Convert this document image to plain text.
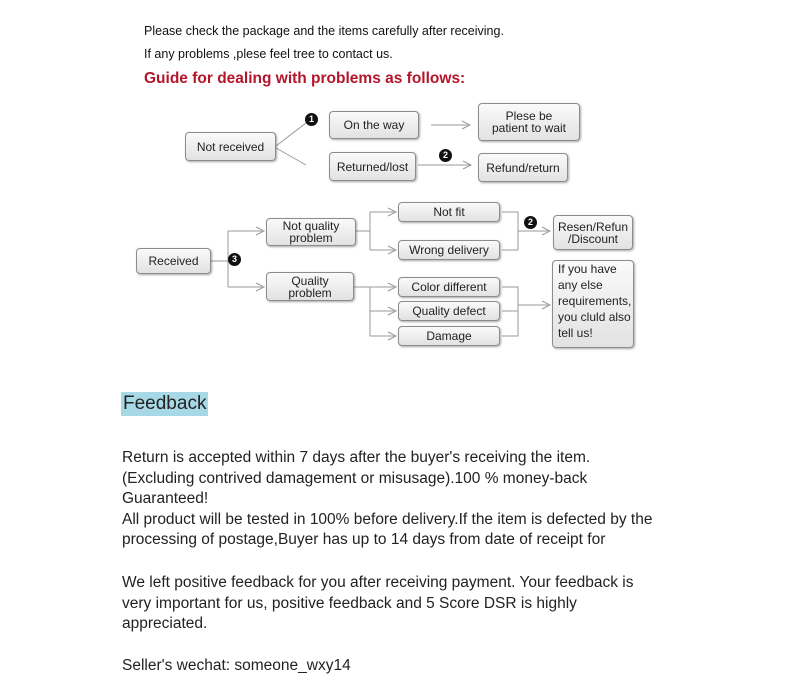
Please check the package and the items carefully after receiving.
If any problems ,plese feel tree to contact us.
Guide for dealing with problems as follows:
Not received
1 On the way
Plese be
patient to wait
Returned/lost
2
Refund/return
Received	3
Not quality
problem
Quality
problem
Not fit
Wrong delivery
Color different
Quality defect
Damage
2 Resen/Refun
/Discount
If you have
any else
requirements,
you cluld also
tell us!
Feedback
Return is accepted within 7 days after the buyer's receiving the item.
(Excluding contrived damagement or misusage).100 % money-back
Guaranteed!
All product will be tested in 100% before delivery.If the item is defected by the
processing of postage,Buyer has up to 14 days from date of receipt for
We left positive feedback for you after receiving payment. Your feedback is
very important for us, positive feedback and 5 Score DSR is highly
appreciated.
Seller's wechat: someone_wxy14
